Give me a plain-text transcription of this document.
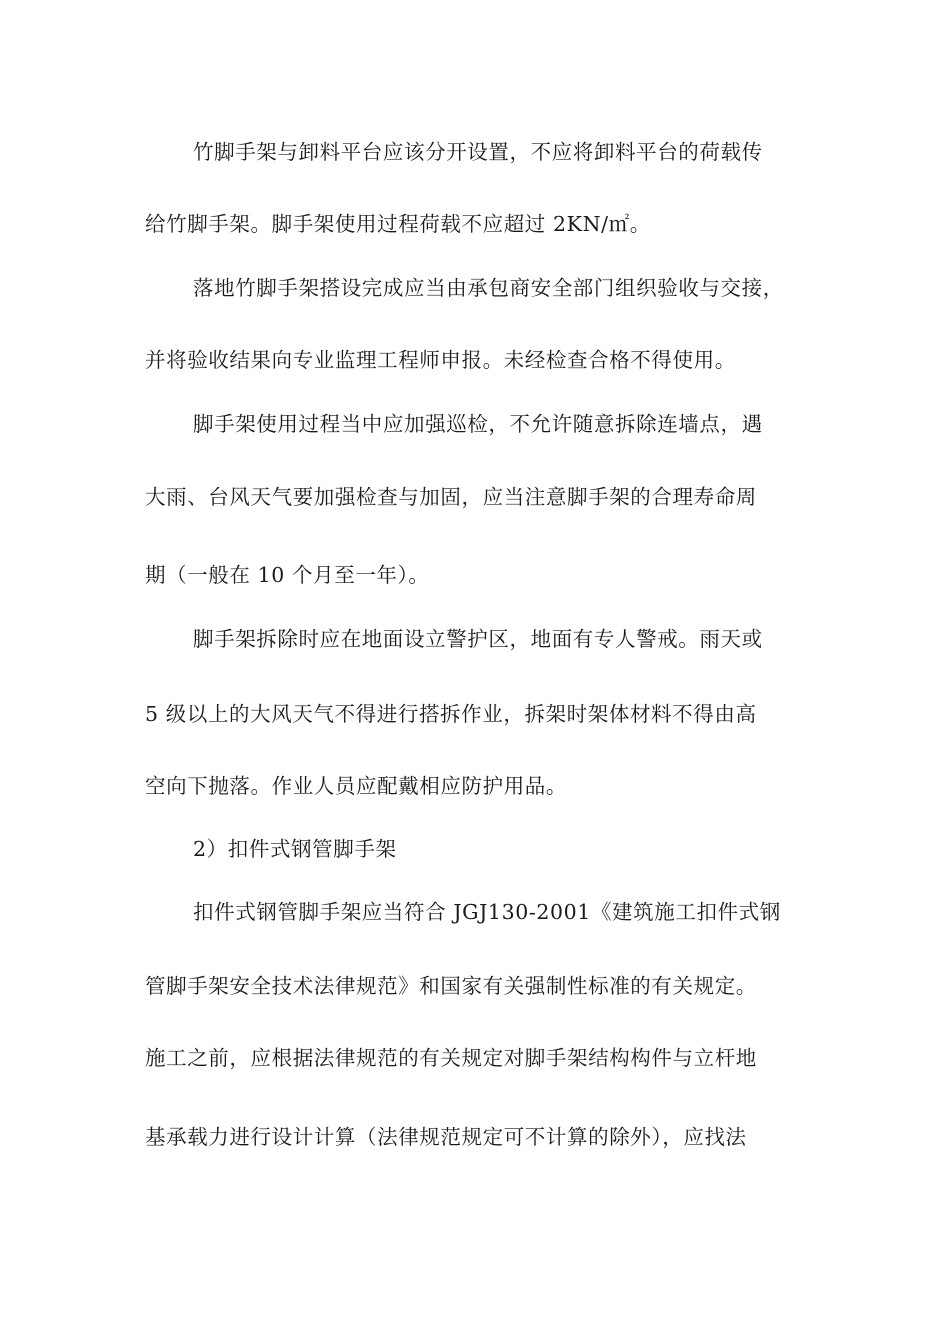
竹脚手架与卸料平台应该分开设置，不应将卸料平台的荷载传
给竹脚手架。脚手架使用过程荷载不应超过 2KN/㎡。
落地竹脚手架搭设完成应当由承包商安全部门组织验收与交接，
并将验收结果向专业监理工程师申报。未经检查合格不得使用。
脚手架使用过程当中应加强巡检，不允许随意拆除连墙点，遇
大雨、台风天气要加强检查与加固，应当注意脚手架的合理寿命周
期（一般在 10 个月至一年）。
脚手架拆除时应在地面设立警护区，地面有专人警戒。雨天或
5 级以上的大风天气不得进行搭拆作业，拆架时架体材料不得由高
空向下抛落。作业人员应配戴相应防护用品。
2）扣件式钢管脚手架
扣件式钢管脚手架应当符合 JGJ130-2001《建筑施工扣件式钢
管脚手架安全技术法律规范》和国家有关强制性标准的有关规定。
施工之前，应根据法律规范的有关规定对脚手架结构构件与立杆地
基承载力进行设计计算（法律规范规定可不计算的除外），应找法
